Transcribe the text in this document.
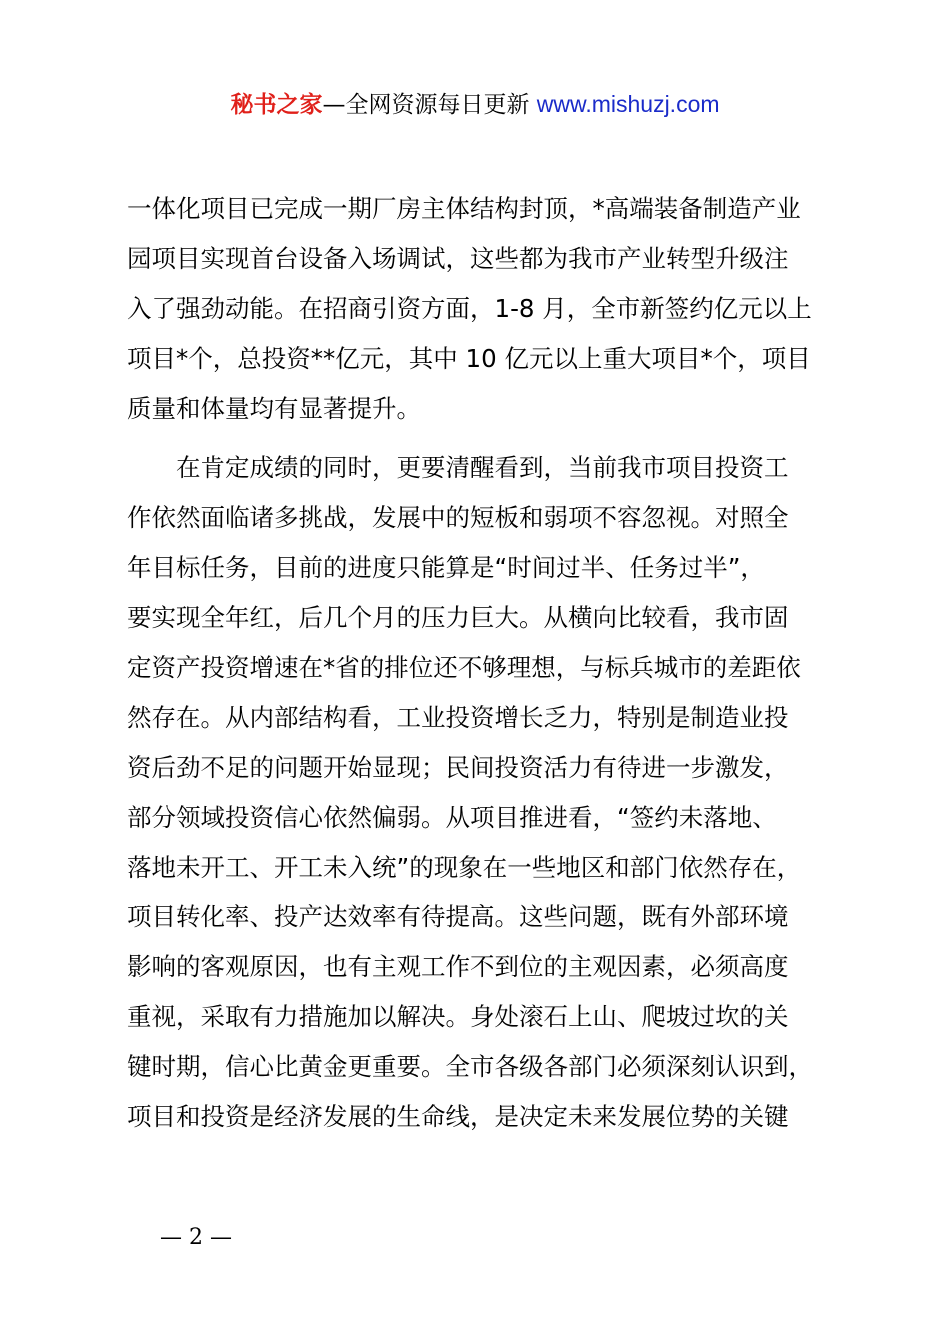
秘书之家—全网资源每日更新 www.mishuzj.com
一体化项目已完成一期厂房主体结构封顶，*高端装备制造产业
园项目实现首台设备入场调试，这些都为我市产业转型升级注
入了强劲动能。在招商引资方面，1-8 月，全市新签约亿元以上
项目*个，总投资**亿元，其中 10 亿元以上重大项目*个，项目
质量和体量均有显著提升。
　　在肯定成绩的同时，更要清醒看到，当前我市项目投资工
作依然面临诸多挑战，发展中的短板和弱项不容忽视。对照全
年目标任务，目前的进度只能算是“时间过半、任务过半”，
要实现全年红，后几个月的压力巨大。从横向比较看，我市固
定资产投资增速在*省的排位还不够理想，与标兵城市的差距依
然存在。从内部结构看，工业投资增长乏力，特别是制造业投
资后劲不足的问题开始显现；民间投资活力有待进一步激发，
部分领域投资信心依然偏弱。从项目推进看，“签约未落地、
落地未开工、开工未入统”的现象在一些地区和部门依然存在，
项目转化率、投产达效率有待提高。这些问题，既有外部环境
影响的客观原因，也有主观工作不到位的主观因素，必须高度
重视，采取有力措施加以解决。身处滚石上山、爬坡过坎的关
键时期，信心比黄金更重要。全市各级各部门必须深刻认识到，
项目和投资是经济发展的生命线，是决定未来发展位势的关键
— 2 —
